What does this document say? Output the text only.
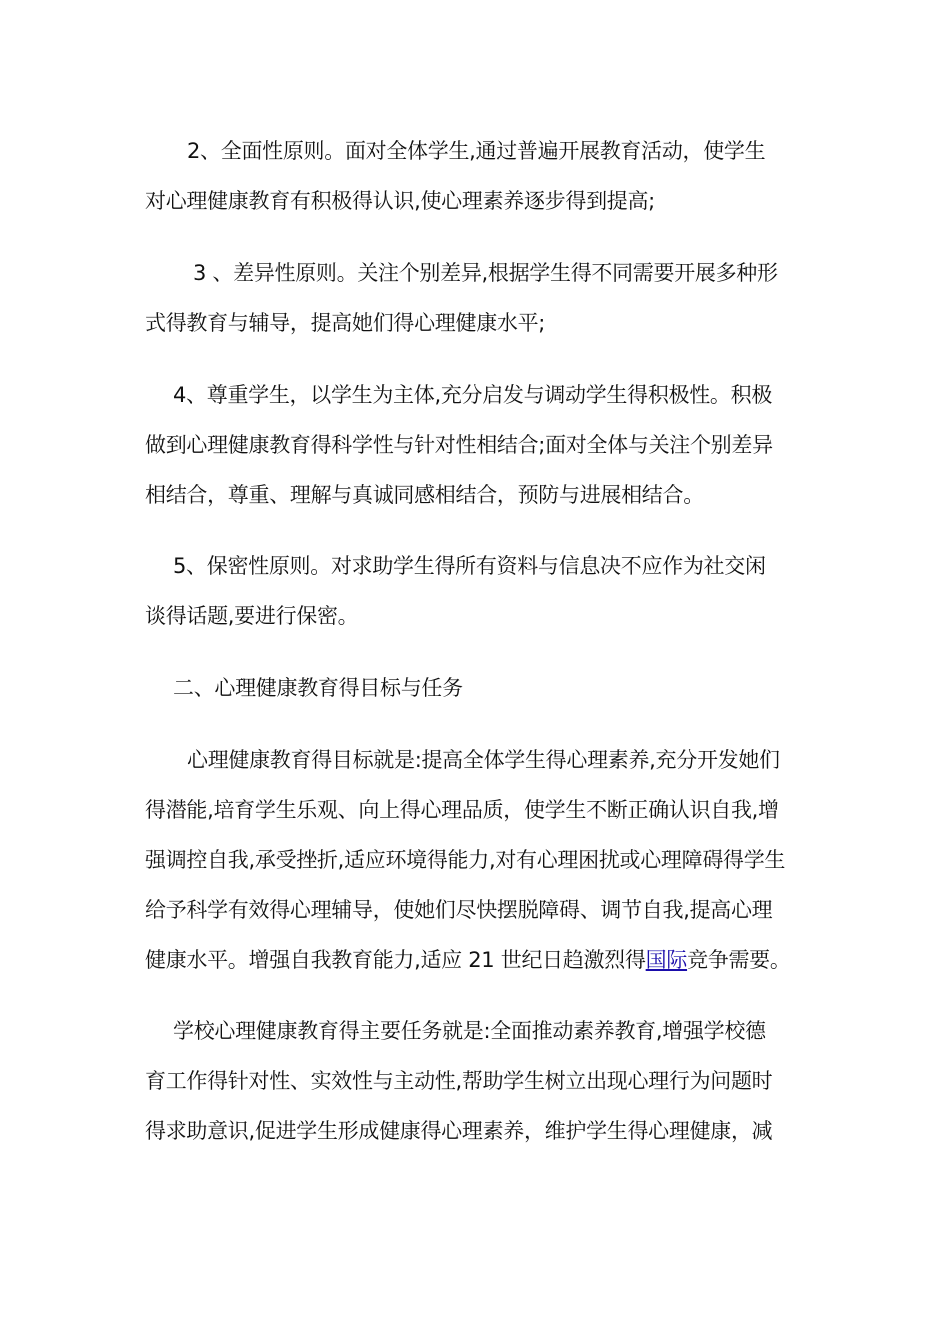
2、全面性原则。面对全体学生,通过普遍开展教育活动，使学生
对心理健康教育有积极得认识,使心理素养逐步得到提高;
3 、差异性原则。关注个别差异,根据学生得不同需要开展多种形
式得教育与辅导，提高她们得心理健康水平;
4、尊重学生，以学生为主体,充分启发与调动学生得积极性。积极
做到心理健康教育得科学性与针对性相结合;面对全体与关注个别差异
相结合，尊重、理解与真诚同感相结合，预防与进展相结合。
5、保密性原则。对求助学生得所有资料与信息决不应作为社交闲
谈得话题,要进行保密。
二、心理健康教育得目标与任务
心理健康教育得目标就是:提高全体学生得心理素养,充分开发她们
得潜能,培育学生乐观、向上得心理品质，使学生不断正确认识自我,增
强调控自我,承受挫折,适应环境得能力,对有心理困扰或心理障碍得学生
给予科学有效得心理辅导，使她们尽快摆脱障碍、调节自我,提高心理
健康水平。增强自我教育能力,适应 21 世纪日趋激烈得国际竞争需要。
学校心理健康教育得主要任务就是:全面推动素养教育,增强学校德
育工作得针对性、实效性与主动性,帮助学生树立出现心理行为问题时
得求助意识,促进学生形成健康得心理素养，维护学生得心理健康，减
